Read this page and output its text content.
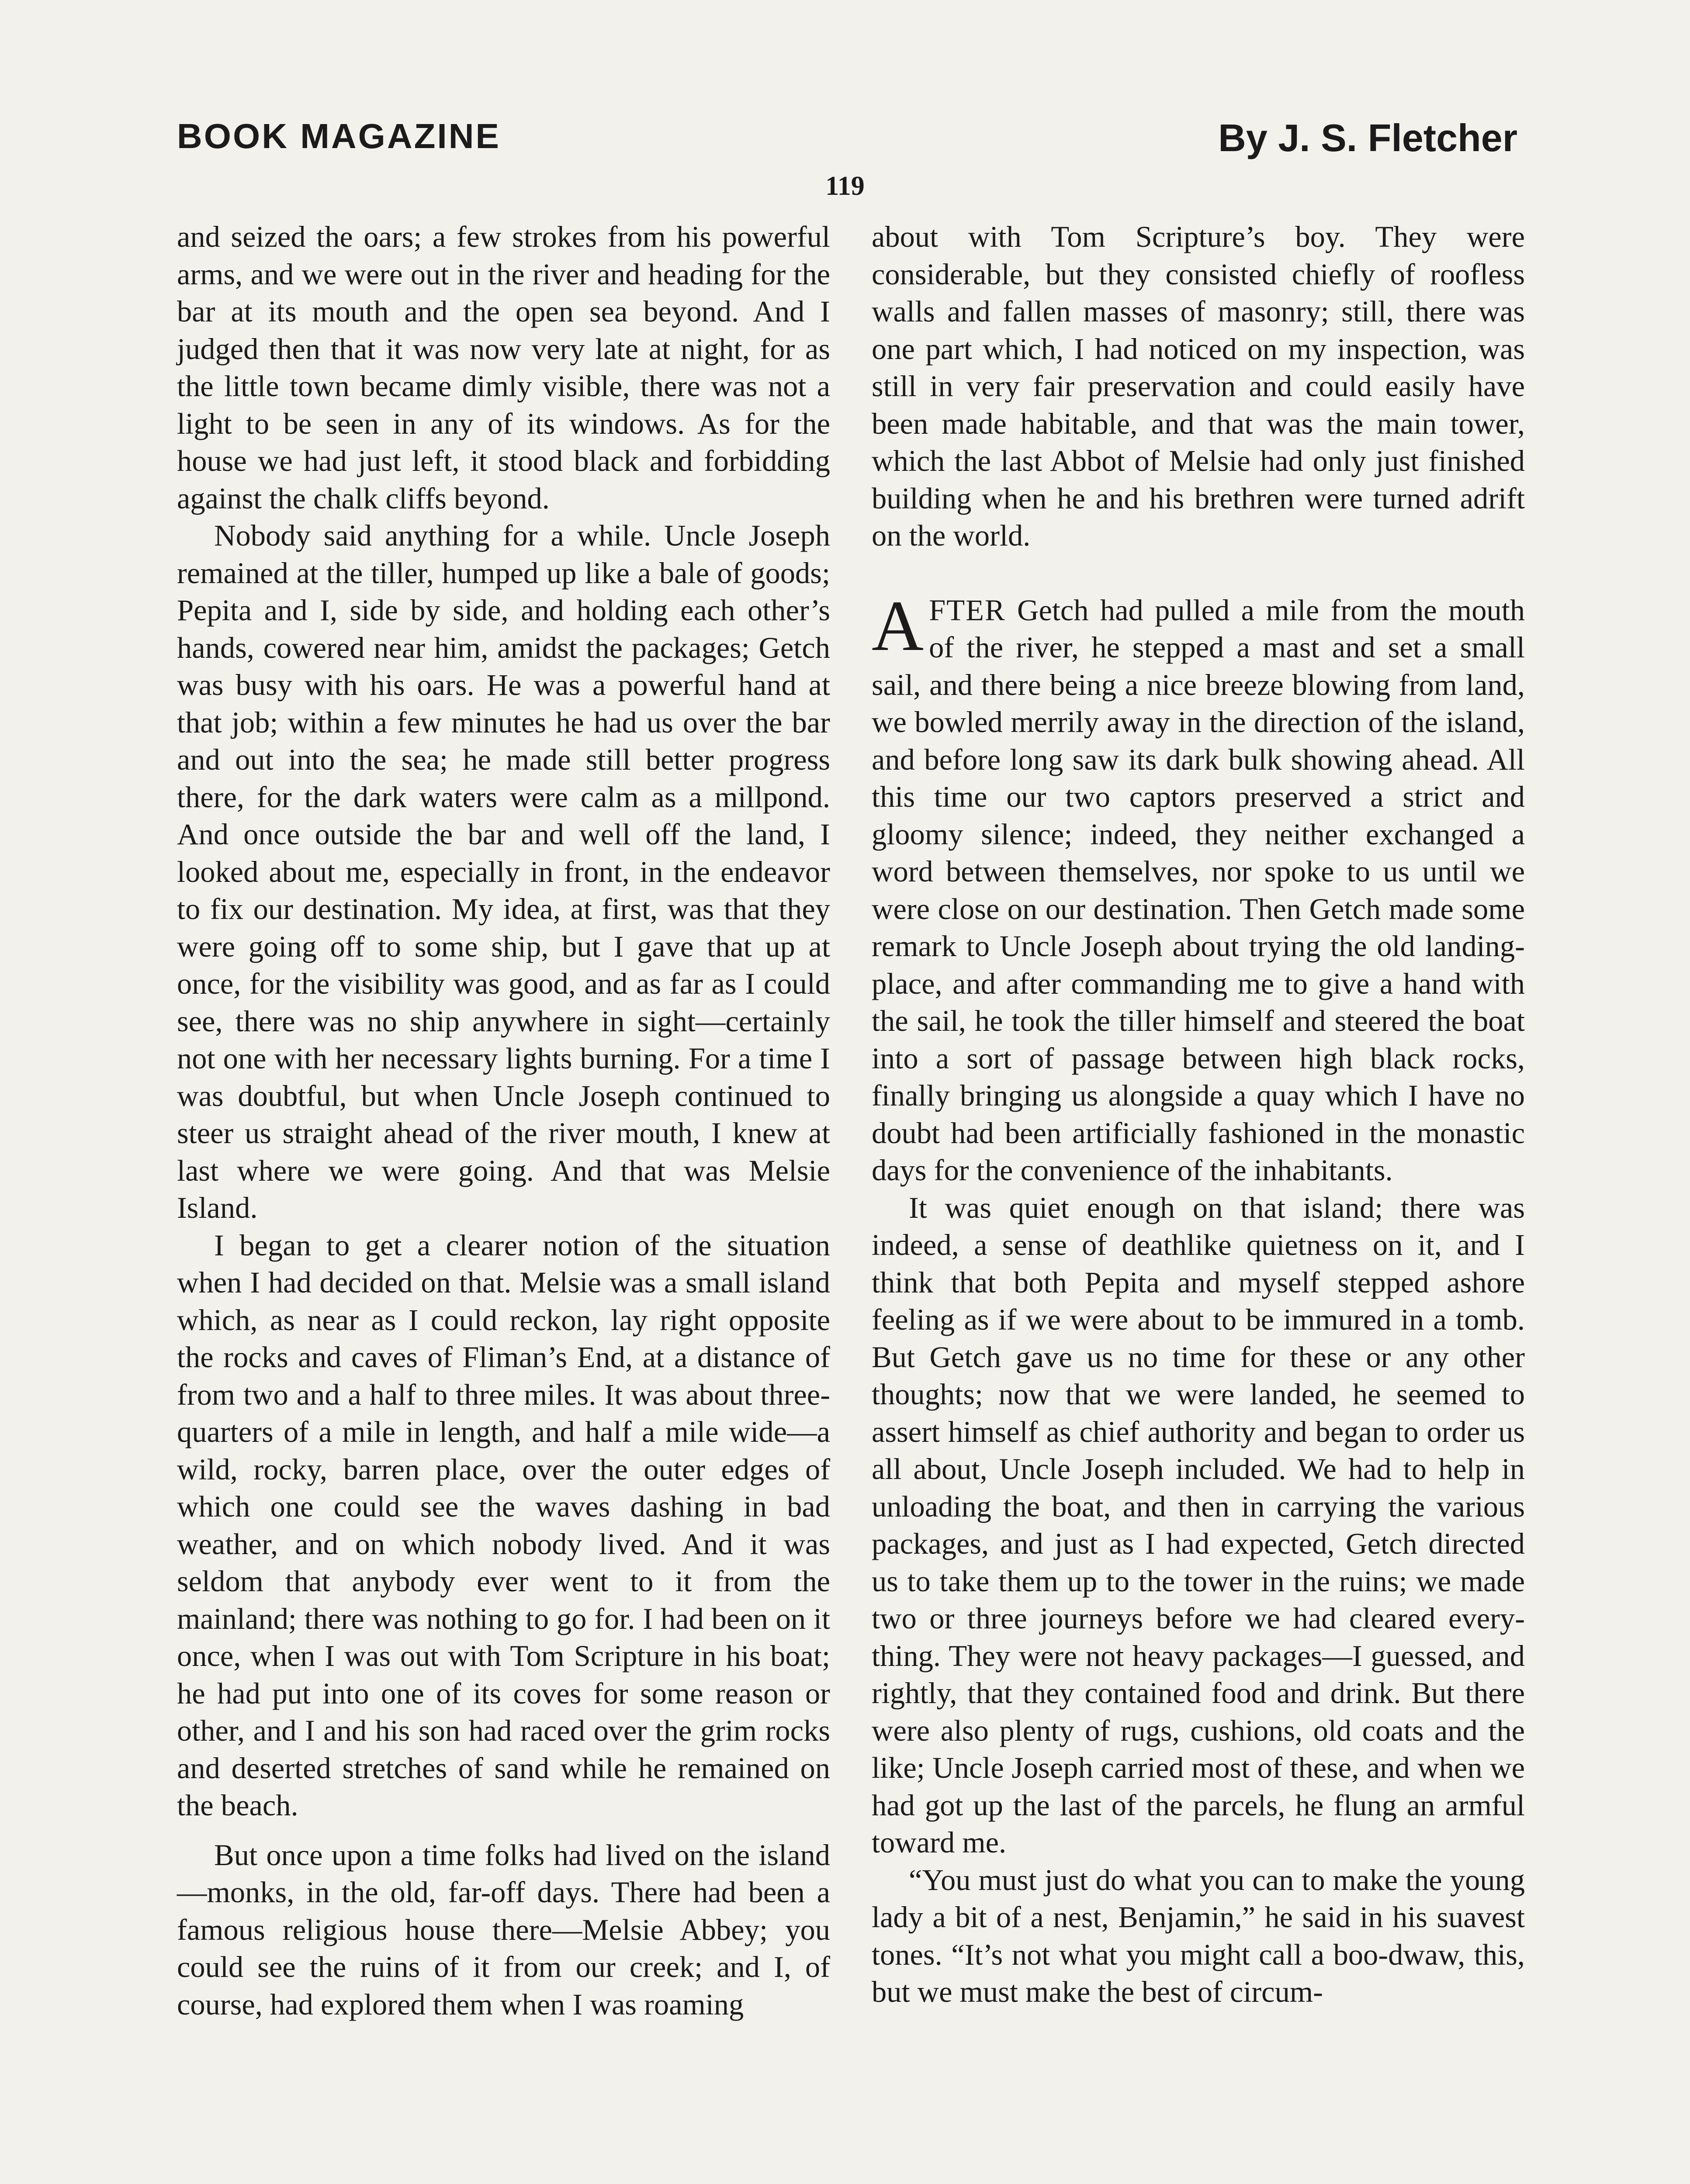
BOOK MAGAZINE	By J. S. Fletcher
119

and seized the oars; a few strokes from his powerful arms, and we were out in the river and heading for the bar at its mouth and the open sea beyond. And I judged then that it was now very late at night, for as the little town became dimly visible, there was not a light to be seen in any of its windows. As for the house we had just left, it stood black and forbidding against the chalk cliffs beyond.

Nobody said anything for a while. Uncle Joseph remained at the tiller, humped up like a bale of goods; Pepita and I, side by side, and holding each other’s hands, cowered near him, amidst the packages; Getch was busy with his oars. He was a powerful hand at that job; within a few minutes he had us over the bar and out into the sea; he made still better progress there, for the dark waters were calm as a millpond. And once outside the bar and well off the land, I looked about me, especially in front, in the endeavor to fix our destination. My idea, at first, was that they were going off to some ship, but I gave that up at once, for the visibility was good, and as far as I could see, there was no ship anywhere in sight—certainly not one with her necessary lights burning. For a time I was doubtful, but when Uncle Joseph continued to steer us straight ahead of the river mouth, I knew at last where we were going. And that was Melsie Island.

I began to get a clearer notion of the situation when I had decided on that. Melsie was a small island which, as near as I could reckon, lay right opposite the rocks and caves of Fliman’s End, at a distance of from two and a half to three miles. It was about three-quarters of a mile in length, and half a mile wide—a wild, rocky, barren place, over the outer edges of which one could see the waves dashing in bad weather, and on which nobody lived. And it was seldom that anybody ever went to it from the mainland; there was nothing to go for. I had been on it once, when I was out with Tom Scripture in his boat; he had put into one of its coves for some reason or other, and I and his son had raced over the grim rocks and deserted stretches of sand while he remained on the beach.

But once upon a time folks had lived on the island—monks, in the old, far-off days. There had been a famous religious house there—Melsie Abbey; you could see the ruins of it from our creek; and I, of course, had explored them when I was roaming

about with Tom Scripture’s boy. They were considerable, but they consisted chiefly of roofless walls and fallen masses of masonry; still, there was one part which, I had noticed on my inspection, was still in very fair preservation and could easily have been made habitable, and that was the main tower, which the last Abbot of Melsie had only just finished building when he and his brethren were turned adrift on the world.

AFTER Getch had pulled a mile from the mouth of the river, he stepped a mast and set a small sail, and there being a nice breeze blowing from land, we bowled merrily away in the direction of the island, and before long saw its dark bulk showing ahead. All this time our two captors preserved a strict and gloomy silence; indeed, they neither exchanged a word between themselves, nor spoke to us until we were close on our destination. Then Getch made some remark to Uncle Joseph about trying the old landing-place, and after commanding me to give a hand with the sail, he took the tiller himself and steered the boat into a sort of passage between high black rocks, finally bringing us alongside a quay which I have no doubt had been artificially fashioned in the monastic days for the convenience of the inhabitants.

It was quiet enough on that island; there was indeed, a sense of deathlike quietness on it, and I think that both Pepita and myself stepped ashore feeling as if we were about to be immured in a tomb. But Getch gave us no time for these or any other thoughts; now that we were landed, he seemed to assert himself as chief authority and began to order us all about, Uncle Joseph included. We had to help in unloading the boat, and then in carrying the various packages, and just as I had expected, Getch directed us to take them up to the tower in the ruins; we made two or three journeys before we had cleared everything. They were not heavy packages—I guessed, and rightly, that they contained food and drink. But there were also plenty of rugs, cushions, old coats and the like; Uncle Joseph carried most of these, and when we had got up the last of the parcels, he flung an armful toward me.

“You must just do what you can to make the young lady a bit of a nest, Benjamin,” he said in his suavest tones. “It’s not what you might call a boo-dwaw, this, but we must make the best of circum-
